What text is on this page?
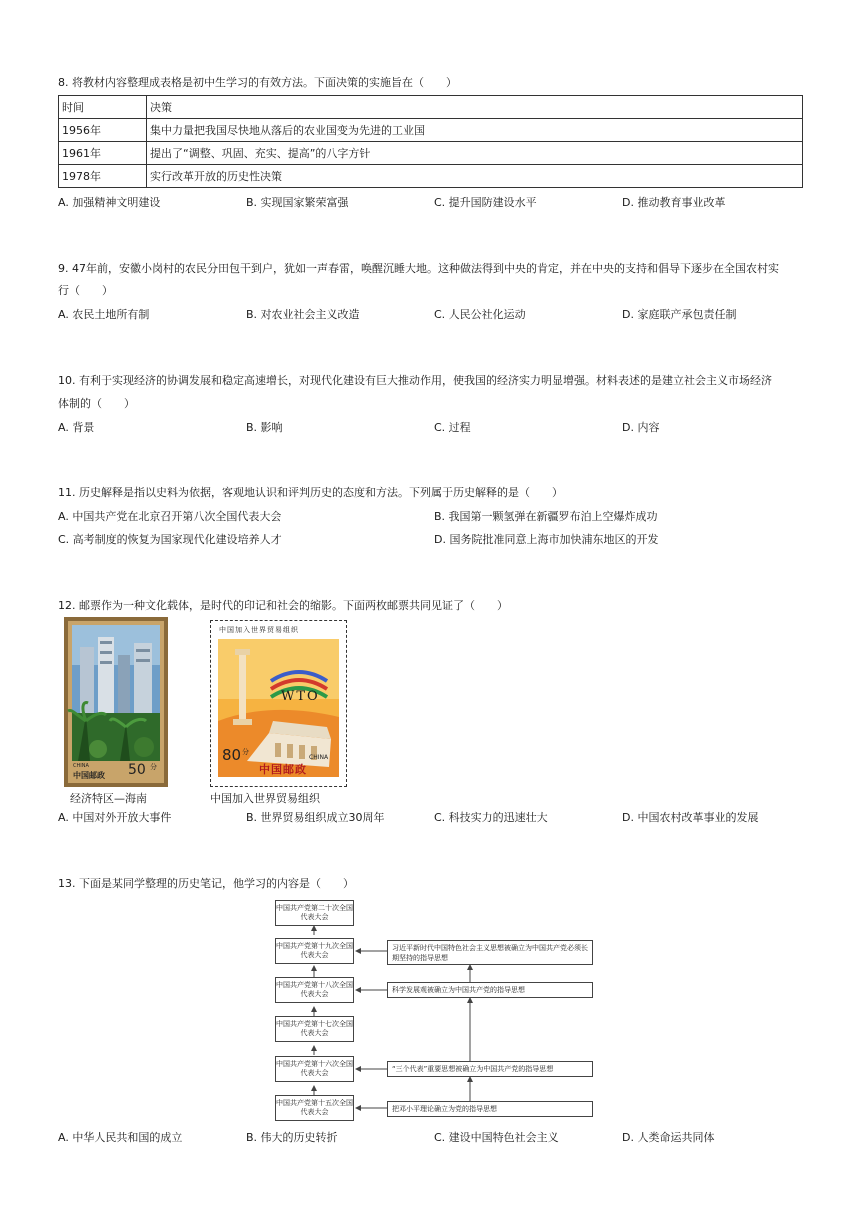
8. 将教材内容整理成表格是初中生学习的有效方法。下面决策的实施旨在（　　）
时间	决策
1956年	集中力量把我国尽快地从落后的农业国变为先进的工业国
1961年	提出了“调整、巩固、充实、提高”的八字方针
1978年	实行改革开放的历史性决策
A. 加强精神文明建设	B. 实现国家繁荣富强	C. 提升国防建设水平	D. 推动教育事业改革
9. 47年前，安徽小岗村的农民分田包干到户，犹如一声春雷，唤醒沉睡大地。这种做法得到中央的肯定，并在中央的支持和倡导下逐步在全国农村实
行（　　）
A. 农民土地所有制	B. 对农业社会主义改造	C. 人民公社化运动	D. 家庭联产承包责任制
10. 有利于实现经济的协调发展和稳定高速增长，对现代化建设有巨大推动作用，使我国的经济实力明显增强。材料表述的是建立社会主义市场经济
体制的（　　）
A. 背景	B. 影响	C. 过程	D. 内容
11. 历史解释是指以史料为依据，客观地认识和评判历史的态度和方法。下列属于历史解释的是（　　）
A. 中国共产党在北京召开第八次全国代表大会	B. 我国第一颗氢弹在新疆罗布泊上空爆炸成功
C. 高考制度的恢复为国家现代化建设培养人才	D. 国务院批准同意上海市加快浦东地区的开发
12. 邮票作为一种文化载体，是时代的印记和社会的缩影。下面两枚邮票共同见证了（　　）
CHINA
中国邮政 50 分
经济特区—海南
中国加入世界贸易组织
WTO
80 分
CHINA
中国邮政
中国加入世界贸易组织
A. 中国对外开放大事件	B. 世界贸易组织成立30周年	C. 科技实力的迅速壮大	D. 中国农村改革事业的发展
13. 下面是某同学整理的历史笔记，他学习的内容是（　　）
中国共产党第二十次全国代表大会
中国共产党第十九次全国代表大会
中国共产党第十八次全国代表大会
中国共产党第十七次全国代表大会
中国共产党第十六次全国代表大会
中国共产党第十五次全国代表大会
习近平新时代中国特色社会主义思想被确立为中国共产党必须长期坚持的指导思想
科学发展观被确立为中国共产党的指导思想
“三个代表”重要思想被确立为中国共产党的指导思想
把邓小平理论确立为党的指导思想
A. 中华人民共和国的成立	B. 伟大的历史转折	C. 建设中国特色社会主义	D. 人类命运共同体
